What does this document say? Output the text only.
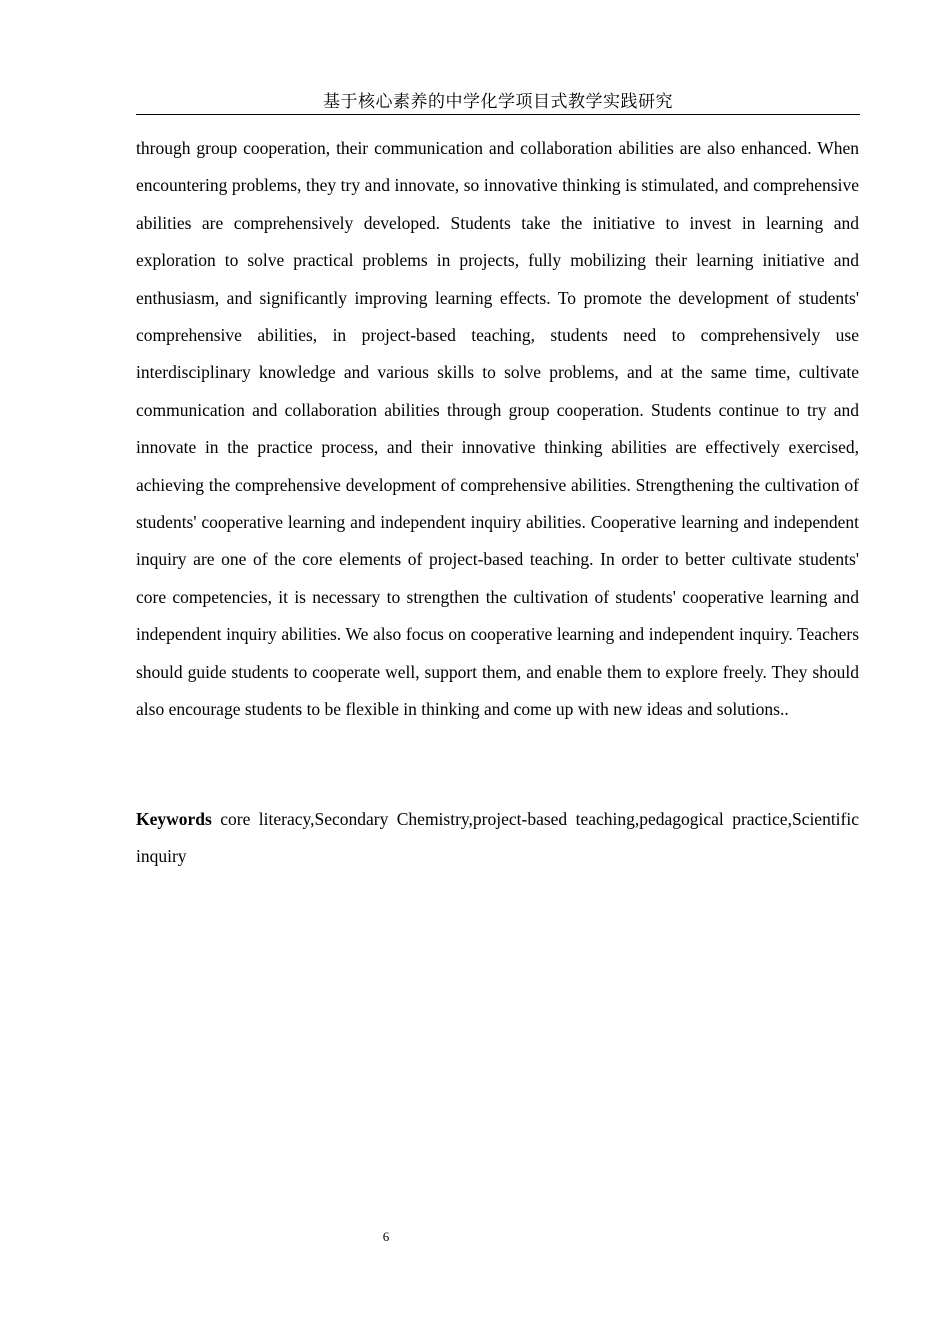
基于核心素养的中学化学项目式教学实践研究

through group cooperation, their communication and collaboration abilities are also enhanced. When encountering problems, they try and innovate, so innovative thinking is stimulated, and comprehensive abilities are comprehensively developed. Students take the initiative to invest in learning and exploration to solve practical problems in projects, fully mobilizing their learning initiative and enthusiasm, and significantly improving learning effects. To promote the development of students' comprehensive abilities, in project-based teaching, students need to comprehensively use interdisciplinary knowledge and various skills to solve problems, and at the same time, cultivate communication and collaboration abilities through group cooperation. Students continue to try and innovate in the practice process, and their innovative thinking abilities are effectively exercised, achieving the comprehensive development of comprehensive abilities. Strengthening the cultivation of students' cooperative learning and independent inquiry abilities. Cooperative learning and independent inquiry are one of the core elements of project-based teaching. In order to better cultivate students' core competencies, it is necessary to strengthen the cultivation of students' cooperative learning and independent inquiry abilities. We also focus on cooperative learning and independent inquiry. Teachers should guide students to cooperate well, support them, and enable them to explore freely. They should also encourage students to be flexible in thinking and come up with new ideas and solutions..

Keywords core literacy,Secondary Chemistry,project-based teaching,pedagogical practice,Scientific inquiry

6
